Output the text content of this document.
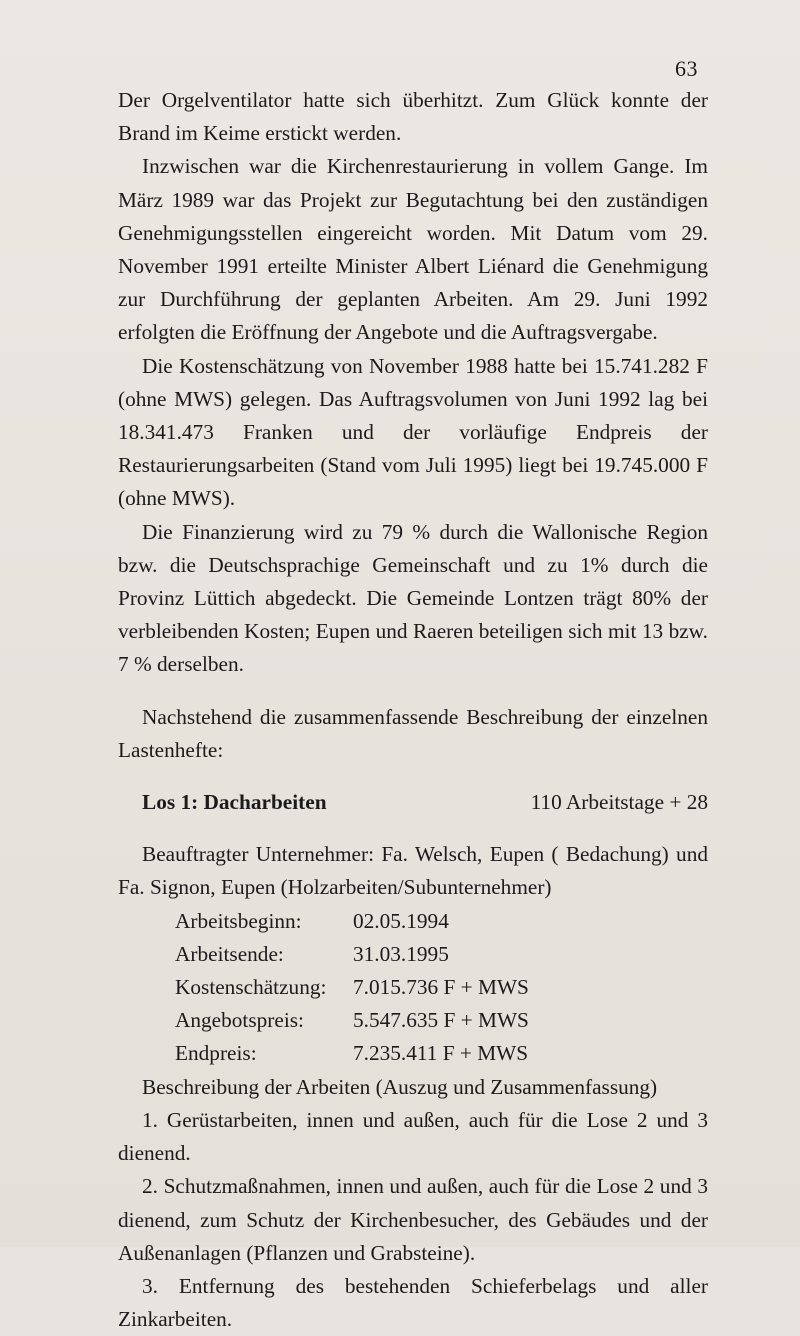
63

Der Orgelventilator hatte sich überhitzt. Zum Glück konnte der Brand im Keime erstickt werden.

Inzwischen war die Kirchenrestaurierung in vollem Gange. Im März 1989 war das Projekt zur Begutachtung bei den zuständigen Genehmigungsstellen eingereicht worden. Mit Datum vom 29. November 1991 erteilte Minister Albert Liénard die Genehmigung zur Durchführung der geplanten Arbeiten. Am 29. Juni 1992 erfolgten die Eröffnung der Angebote und die Auftragsvergabe.

Die Kostenschätzung von November 1988 hatte bei 15.741.282 F (ohne MWS) gelegen. Das Auftragsvolumen von Juni 1992 lag bei 18.341.473 Franken und der vorläufige Endpreis der Restaurierungsarbeiten (Stand vom Juli 1995) liegt bei 19.745.000 F (ohne MWS).

Die Finanzierung wird zu 79 % durch die Wallonische Region bzw. die Deutschsprachige Gemeinschaft und zu 1% durch die Provinz Lüttich abgedeckt. Die Gemeinde Lontzen trägt 80% der verbleibenden Kosten; Eupen und Raeren beteiligen sich mit 13 bzw. 7 % derselben.

Nachstehend die zusammenfassende Beschreibung der einzelnen Lastenhefte:

Los 1: Dacharbeiten	110 Arbeitstage + 28

Beauftragter Unternehmer: Fa. Welsch, Eupen ( Bedachung) und Fa. Signon, Eupen (Holzarbeiten/Subunternehmer)

Arbeitsbeginn:	02.05.1994
Arbeitsende:	31.03.1995
Kostenschätzung:	7.015.736 F + MWS
Angebotspreis:	5.547.635 F + MWS
Endpreis:	7.235.411 F + MWS

Beschreibung der Arbeiten (Auszug und Zusammenfassung)

1. Gerüstarbeiten, innen und außen, auch für die Lose 2 und 3 dienend.

2. Schutzmaßnahmen, innen und außen, auch für die Lose 2 und 3 dienend, zum Schutz der Kirchenbesucher, des Gebäudes und der Außenanlagen (Pflanzen und Grabsteine).

3. Entfernung des bestehenden Schieferbelags und aller Zinkarbeiten.
